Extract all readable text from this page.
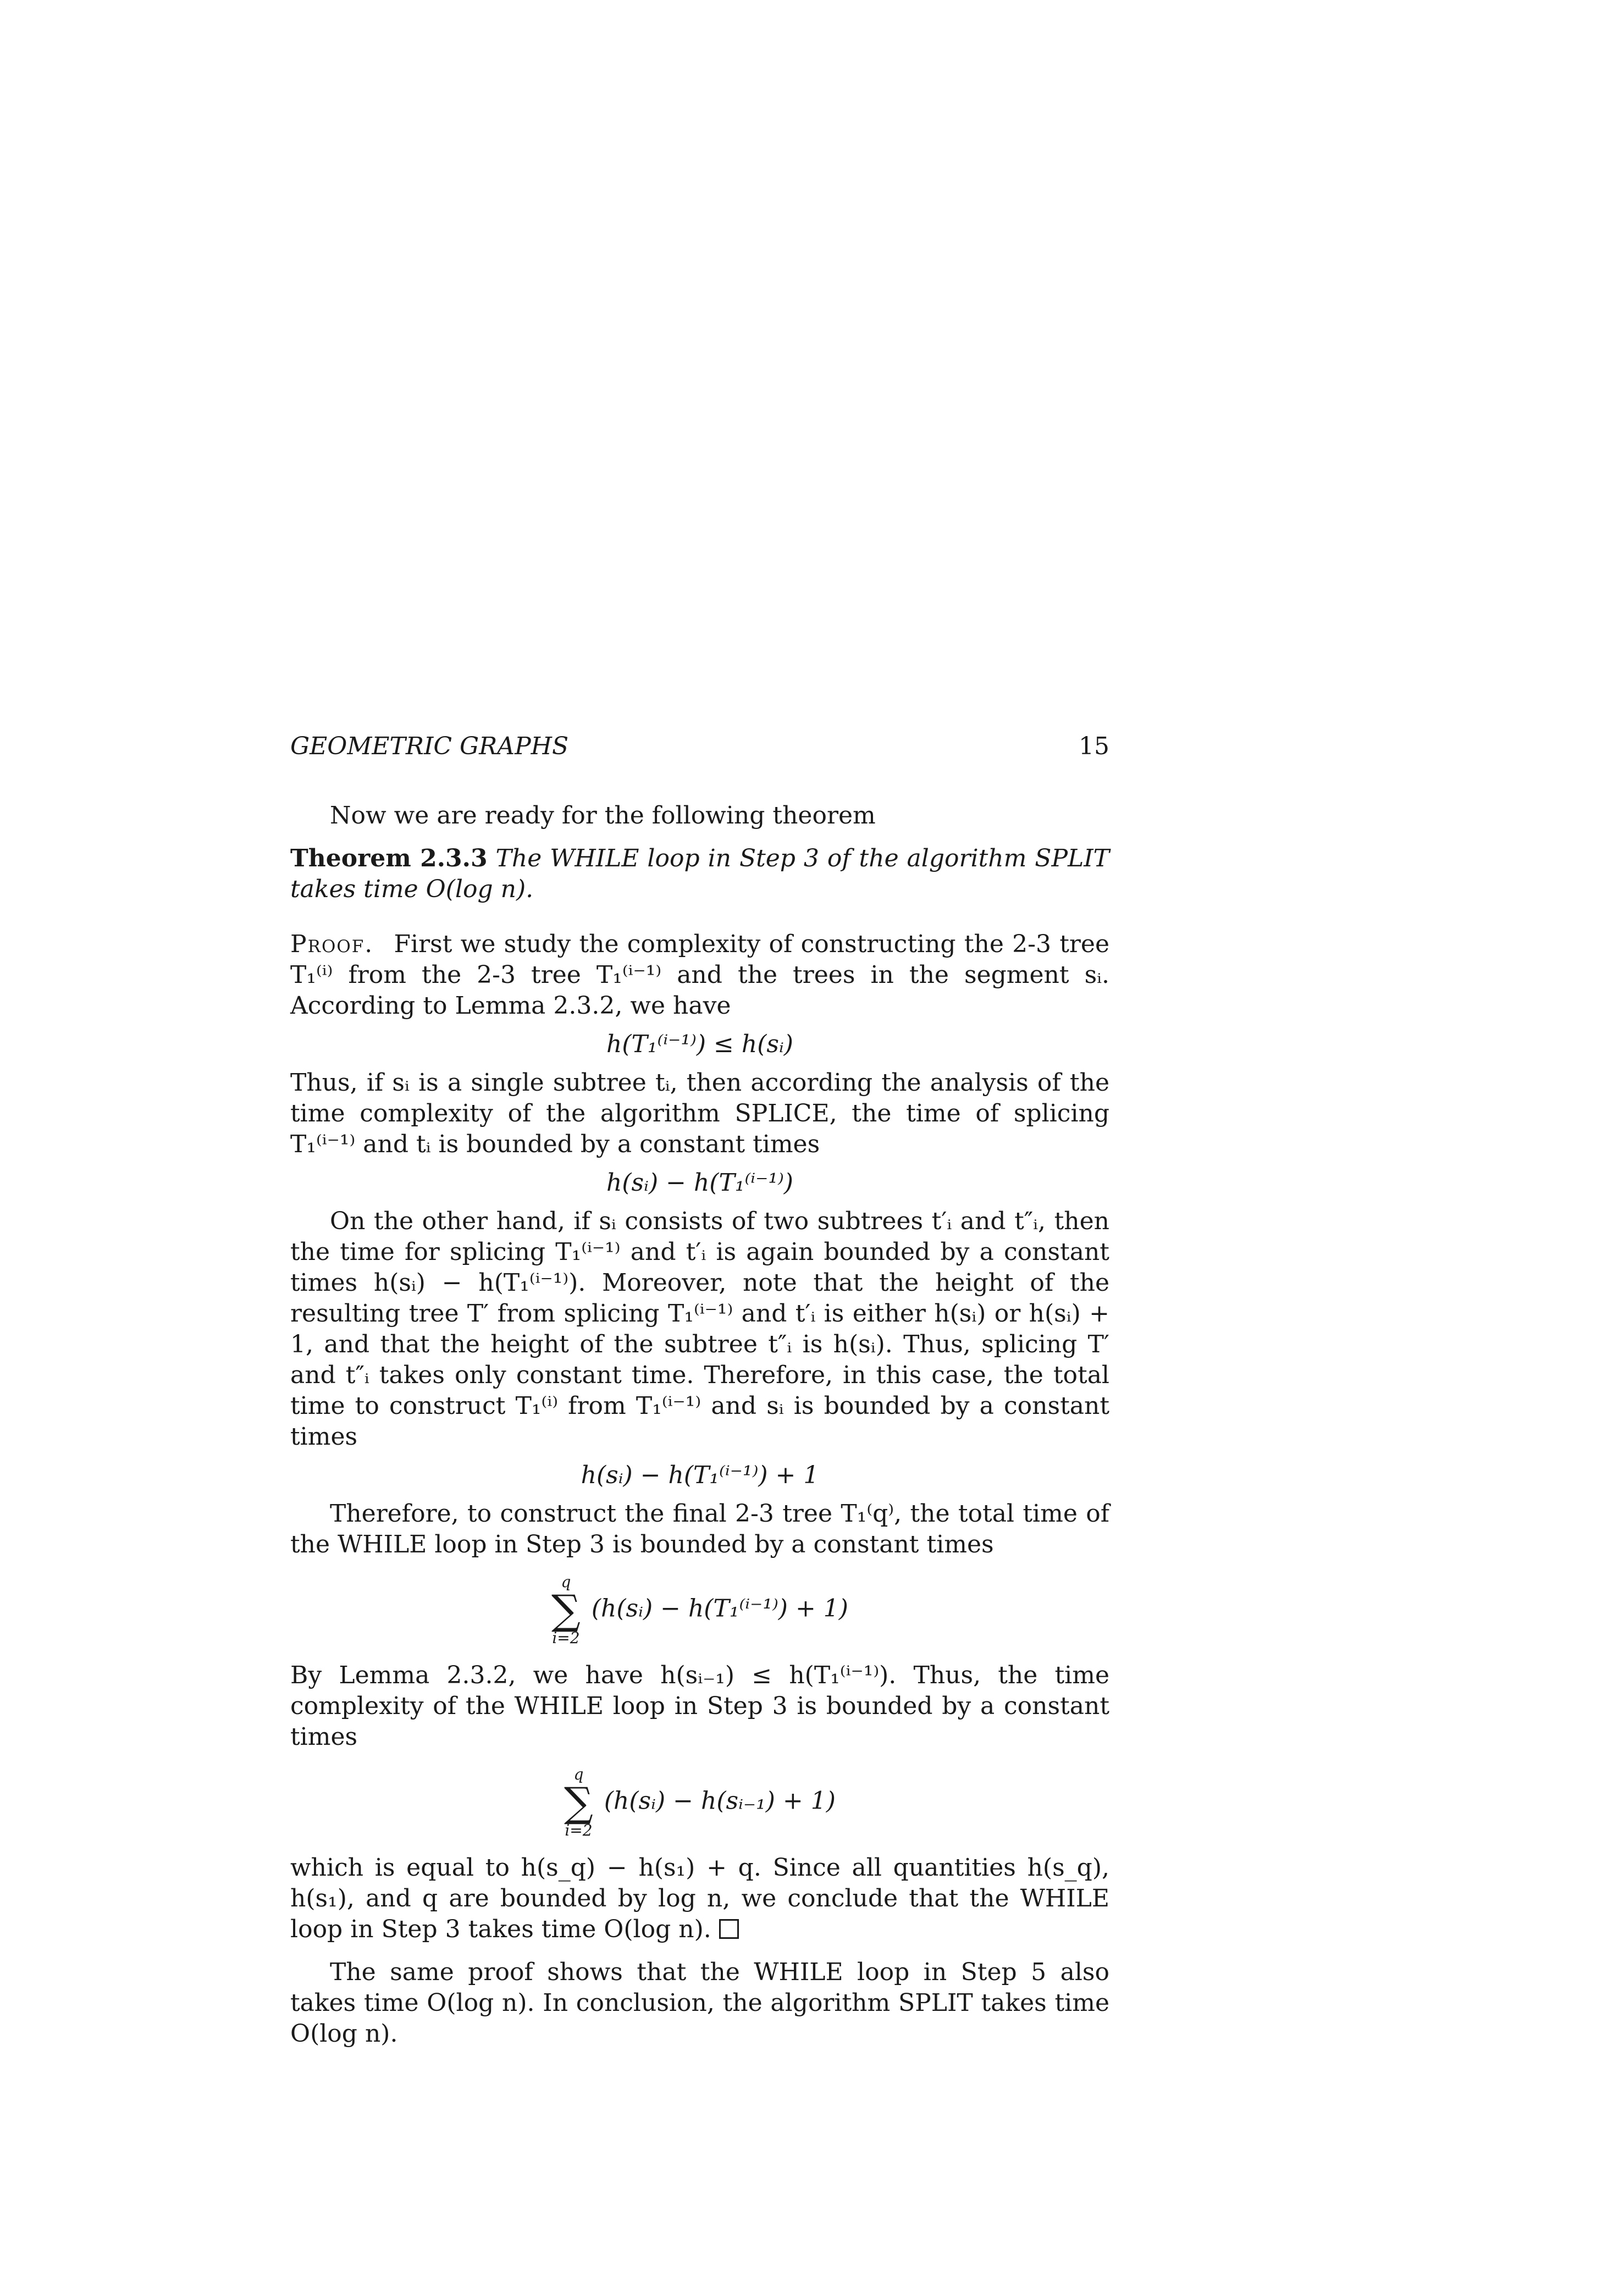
GEOMETRIC GRAPHS	15

Now we are ready for the following theorem

Theorem 2.3.3 The WHILE loop in Step 3 of the algorithm SPLIT takes time O(log n).

Proof. First we study the complexity of constructing the 2-3 tree T₁⁽ⁱ⁾ from the 2-3 tree T₁⁽ⁱ⁻¹⁾ and the trees in the segment sᵢ. According to Lemma 2.3.2, we have

h(T₁⁽ⁱ⁻¹⁾) ≤ h(sᵢ)

Thus, if sᵢ is a single subtree tᵢ, then according the analysis of the time complexity of the algorithm SPLICE, the time of splicing T₁⁽ⁱ⁻¹⁾ and tᵢ is bounded by a constant times

h(sᵢ) − h(T₁⁽ⁱ⁻¹⁾)

On the other hand, if sᵢ consists of two subtrees t′ᵢ and t″ᵢ, then the time for splicing T₁⁽ⁱ⁻¹⁾ and t′ᵢ is again bounded by a constant times h(sᵢ) − h(T₁⁽ⁱ⁻¹⁾). Moreover, note that the height of the resulting tree T′ from splicing T₁⁽ⁱ⁻¹⁾ and t′ᵢ is either h(sᵢ) or h(sᵢ) + 1, and that the height of the subtree t″ᵢ is h(sᵢ). Thus, splicing T′ and t″ᵢ takes only constant time. Therefore, in this case, the total time to construct T₁⁽ⁱ⁾ from T₁⁽ⁱ⁻¹⁾ and sᵢ is bounded by a constant times

h(sᵢ) − h(T₁⁽ⁱ⁻¹⁾) + 1

Therefore, to construct the final 2-3 tree T₁⁽q⁾, the total time of the WHILE loop in Step 3 is bounded by a constant times

q
∑
i=2
(h(sᵢ) − h(T₁⁽ⁱ⁻¹⁾) + 1)

By Lemma 2.3.2, we have h(sᵢ₋₁) ≤ h(T₁⁽ⁱ⁻¹⁾). Thus, the time complexity of the WHILE loop in Step 3 is bounded by a constant times

q
∑
i=2
(h(sᵢ) − h(sᵢ₋₁) + 1)

which is equal to h(s_q) − h(s₁) + q. Since all quantities h(s_q), h(s₁), and q are bounded by log n, we conclude that the WHILE loop in Step 3 takes time O(log n).

The same proof shows that the WHILE loop in Step 5 also takes time O(log n). In conclusion, the algorithm SPLIT takes time O(log n).
